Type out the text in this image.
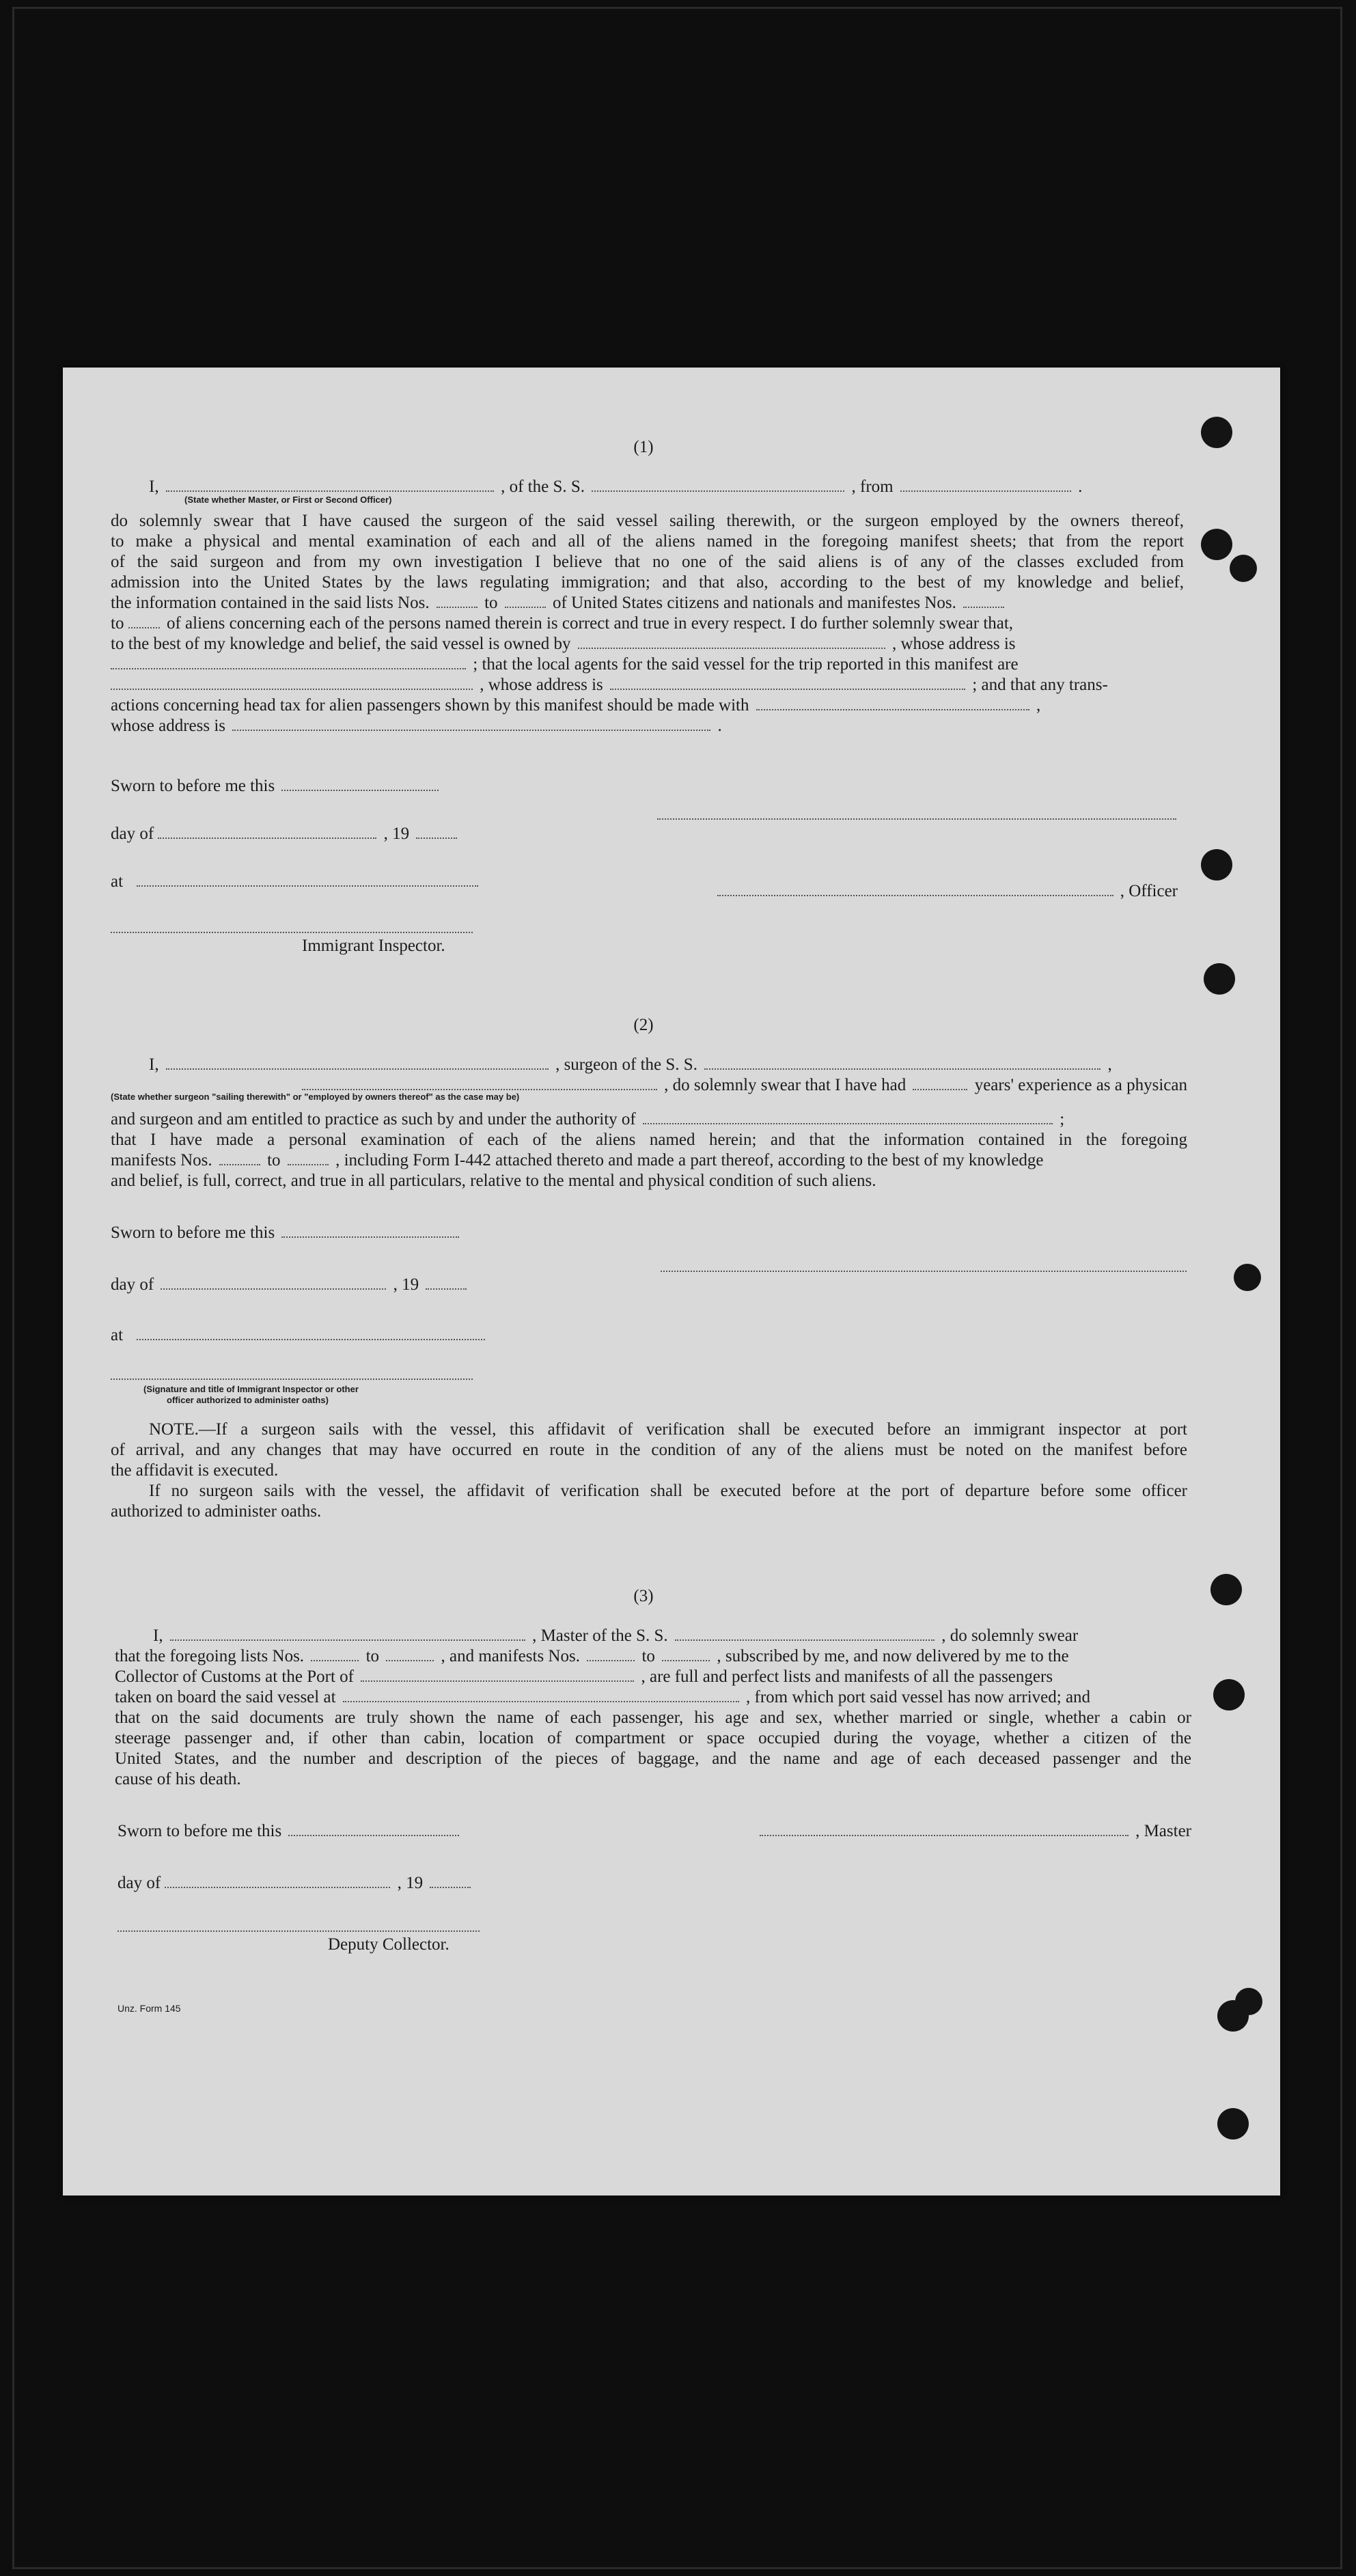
(1)
I,	, of the S. S.	, from	.
(State whether Master, or First or Second Officer)
do solemnly swear that I have caused the surgeon of the said vessel sailing therewith, or the surgeon employed by the owners thereof,
to make a physical and mental examination of each and all of the aliens named in the foregoing manifest sheets; that from the report
of the said surgeon and from my own investigation I believe that no one of the said aliens is of any of the classes excluded from
admission into the United States by the laws regulating immigration; and that also, according to the best of my knowledge and belief,
the information contained in the said lists Nos.	to	of United States citizens and nationals and manifestes Nos.
to	of aliens concerning each of the persons named therein is correct and true in every respect. I do further solemnly swear that,
to the best of my knowledge and belief, the said vessel is owned by	, whose address is
; that the local agents for the said vessel for the trip reported in this manifest are
, whose address is	; and that any trans-
actions concerning head tax for alien passengers shown by this manifest should be made with	,
whose address is	.
Sworn to before me this
day of	, 19
at
, Officer
Immigrant Inspector.
(2)
I,	, surgeon of the S. S.	,
, do solemnly swear that I have had	years' experience as a physican
(State whether surgeon "sailing therewith" or "employed by owners thereof" as the case may be)
and surgeon and am entitled to practice as such by and under the authority of	;
that I have made a personal examination of each of the aliens named herein; and that the information contained in the foregoing
manifests Nos.	to	, including Form I-442 attached thereto and made a part thereof, according to the best of my knowledge
and belief, is full, correct, and true in all particulars, relative to the mental and physical condition of such aliens.
Sworn to before me this
day of	, 19
at
(Signature and title of Immigrant Inspector or other
officer authorized to administer oaths)
NOTE.—If a surgeon sails with the vessel, this affidavit of verification shall be executed before an immigrant inspector at port
of arrival, and any changes that may have occurred en route in the condition of any of the aliens must be noted on the manifest before
the affidavit is executed.
If no surgeon sails with the vessel, the affidavit of verification shall be executed before at the port of departure before some officer
authorized to administer oaths.
(3)
I,	, Master of the S. S.	, do solemnly swear
that the foregoing lists Nos.	to	, and manifests Nos.	to	, subscribed by me, and now delivered by me to the
Collector of Customs at the Port of	, are full and perfect lists and manifests of all the passengers
taken on board the said vessel at	, from which port said vessel has now arrived; and
that on the said documents are truly shown the name of each passenger, his age and sex, whether married or single, whether a cabin or
steerage passenger and, if other than cabin, location of compartment or space occupied during the voyage, whether a citizen of the
United States, and the number and description of the pieces of baggage, and the name and age of each deceased passenger and the
cause of his death.
Sworn to before me this	, Master
day of	, 19
Deputy Collector.
Unz. Form 145
